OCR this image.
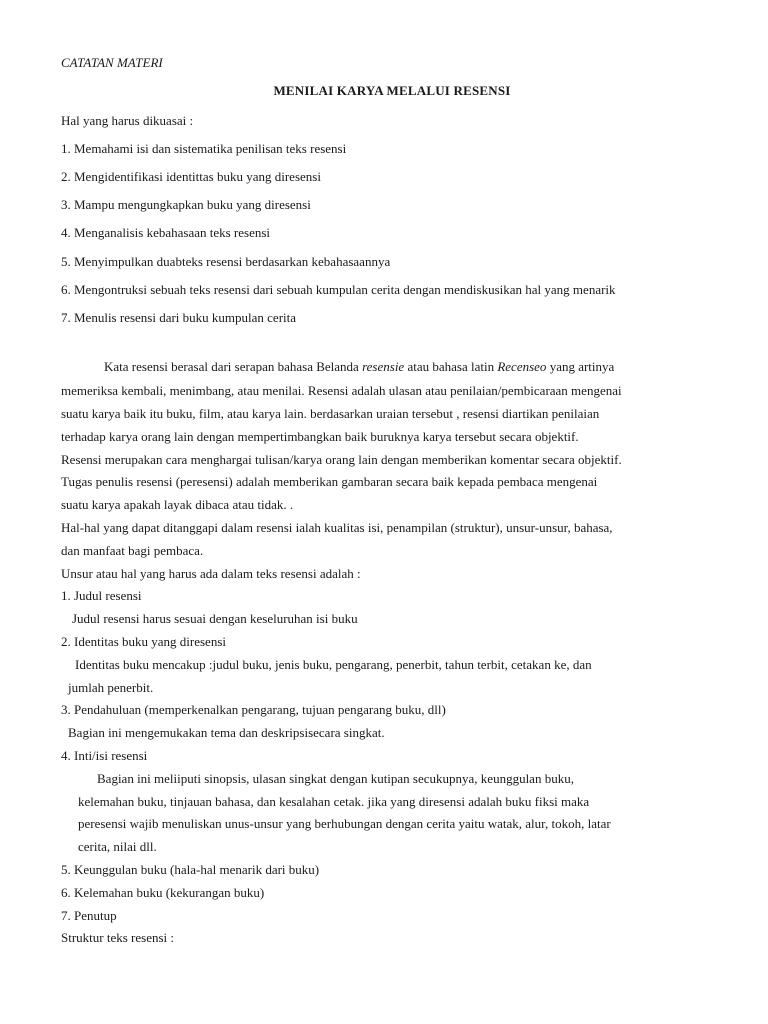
CATATAN MATERI
MENILAI KARYA MELALUI RESENSI
Hal yang harus dikuasai :
1. Memahami isi dan sistematika penilisan teks resensi
2. Mengidentifikasi identittas buku yang diresensi
3. Mampu mengungkapkan buku yang diresensi
4. Menganalisis kebahasaan teks resensi
5. Menyimpulkan duabteks resensi berdasarkan kebahasaannya
6. Mengontruksi sebuah teks resensi dari sebuah kumpulan cerita dengan mendiskusikan hal yang menarik
7. Menulis resensi dari buku kumpulan cerita
Kata resensi berasal dari serapan bahasa Belanda resensie atau bahasa latin Recenseo yang artinya
memeriksa kembali, menimbang, atau menilai. Resensi adalah ulasan atau penilaian/pembicaraan mengenai
suatu karya baik itu buku, film, atau karya lain. berdasarkan uraian tersebut , resensi diartikan penilaian
terhadap karya orang lain dengan mempertimbangkan baik buruknya karya tersebut secara objektif.
Resensi merupakan cara menghargai tulisan/karya orang lain dengan memberikan komentar secara objektif.
Tugas penulis resensi (peresensi) adalah memberikan gambaran secara baik kepada pembaca mengenai
suatu karya apakah layak dibaca atau tidak. .
Hal-hal yang dapat ditanggapi dalam resensi ialah kualitas isi, penampilan (struktur), unsur-unsur, bahasa,
dan manfaat bagi pembaca.
Unsur atau hal yang harus ada dalam teks resensi adalah :
1. Judul resensi
Judul resensi harus sesuai dengan keseluruhan isi buku
2. Identitas buku yang diresensi
Identitas buku mencakup :judul buku, jenis buku, pengarang, penerbit, tahun terbit, cetakan ke, dan
jumlah penerbit.
3. Pendahuluan (memperkenalkan pengarang, tujuan pengarang buku, dll)
Bagian ini mengemukakan tema dan deskripsisecara singkat.
4. Inti/isi resensi
Bagian ini meliiputi sinopsis, ulasan singkat dengan kutipan secukupnya, keunggulan buku,
kelemahan buku, tinjauan bahasa, dan kesalahan cetak. jika yang diresensi adalah buku fiksi maka
peresensi wajib menuliskan unus-unsur yang berhubungan dengan cerita yaitu watak, alur, tokoh, latar
cerita, nilai dll.
5. Keunggulan buku (hala-hal menarik dari buku)
6. Kelemahan buku (kekurangan buku)
7. Penutup
Struktur teks resensi :
